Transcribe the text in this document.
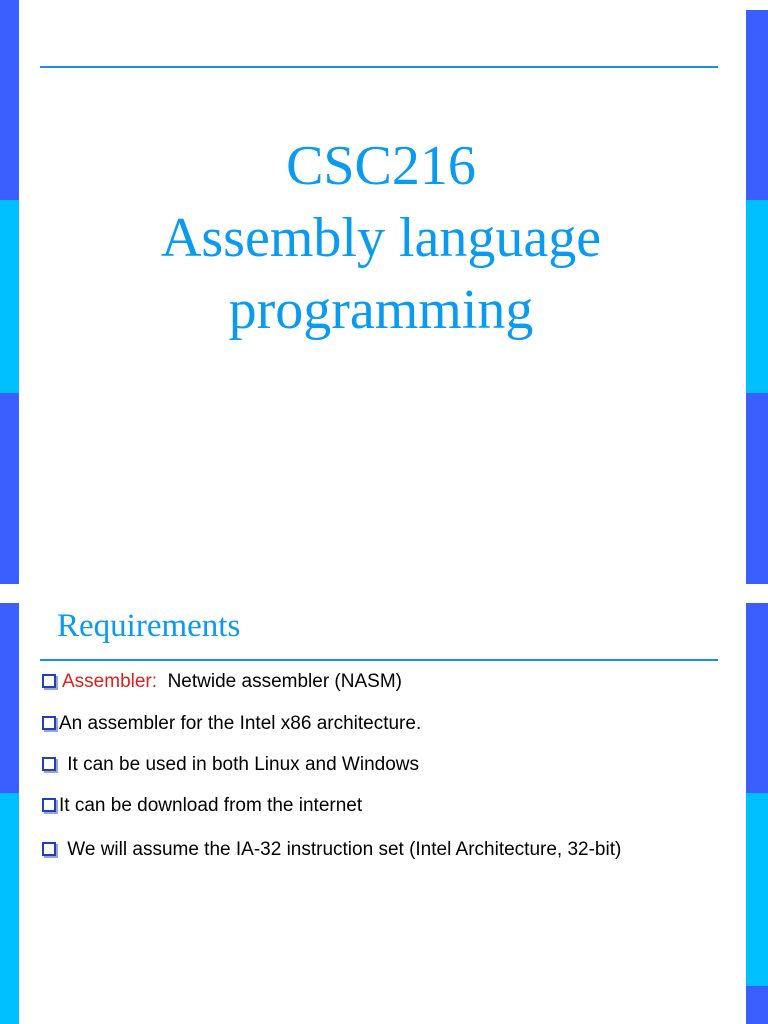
CSC216
Assembly language
programming
Requirements
Assembler:  Netwide assembler (NASM)
An assembler for the Intel x86 architecture.
It can be used in both Linux and Windows
It can be download from the internet
We will assume the IA-32 instruction set (Intel Architecture, 32-bit)
